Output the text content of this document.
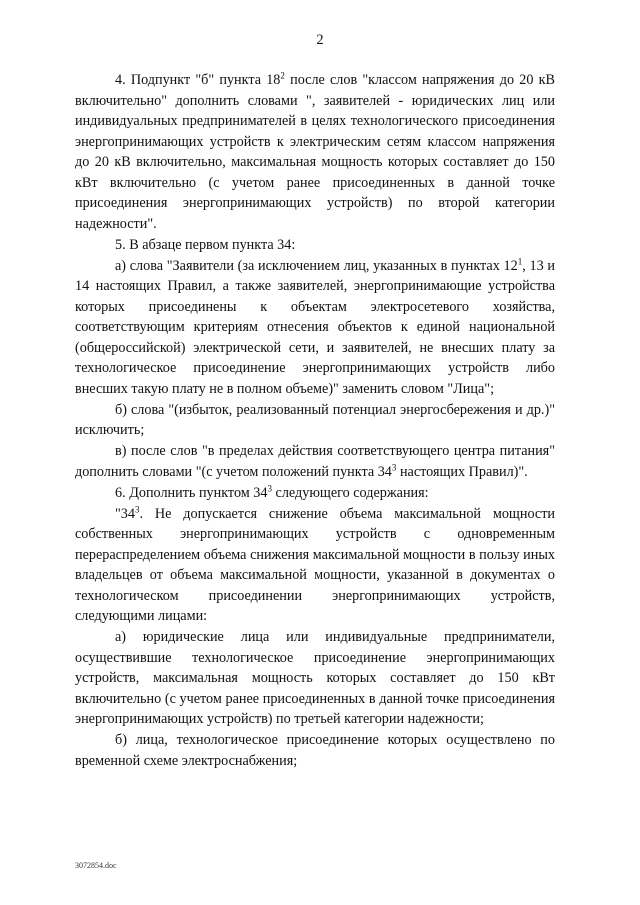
2

4. Подпункт "б" пункта $18^2$ после слов "классом напряжения до 20 кВ включительно" дополнить словами ", заявителей - юридических лиц или индивидуальных предпринимателей в целях технологического присоединения энергопринимающих устройств к электрическим сетям классом напряжения до 20 кВ включительно, максимальная мощность которых составляет до 150 кВт включительно (с учетом ранее присоединенных в данной точке присоединения энергопринимающих устройств) по второй категории надежности".

5. В абзаце первом пункта 34:

а) слова "Заявители (за исключением лиц, указанных в пунктах $12^1$, 13 и 14 настоящих Правил, а также заявителей, энергопринимающие устройства которых присоединены к объектам электросетевого хозяйства, соответствующим критериям отнесения объектов к единой национальной (общероссийской) электрической сети, и заявителей, не внесших плату за технологическое присоединение энергопринимающих устройств либо внесших такую плату не в полном объеме)" заменить словом "Лица";

б) слова "(избыток, реализованный потенциал энергосбережения и др.)" исключить;

в) после слов "в пределах действия соответствующего центра питания" дополнить словами "(с учетом положений пункта $34^3$ настоящих Правил)".

6. Дополнить пунктом $34^3$ следующего содержания:

"$34^3$. Не допускается снижение объема максимальной мощности собственных энергопринимающих устройств с одновременным перераспределением объема снижения максимальной мощности в пользу иных владельцев от объема максимальной мощности, указанной в документах о технологическом присоединении энергопринимающих устройств, следующими лицами:

а) юридические лица или индивидуальные предприниматели, осуществившие технологическое присоединение энергопринимающих устройств, максимальная мощность которых составляет до 150 кВт включительно (с учетом ранее присоединенных в данной точке присоединения энергопринимающих устройств) по третьей категории надежности;

б) лица, технологическое присоединение которых осуществлено по временной схеме электроснабжения;

3072854.doc
